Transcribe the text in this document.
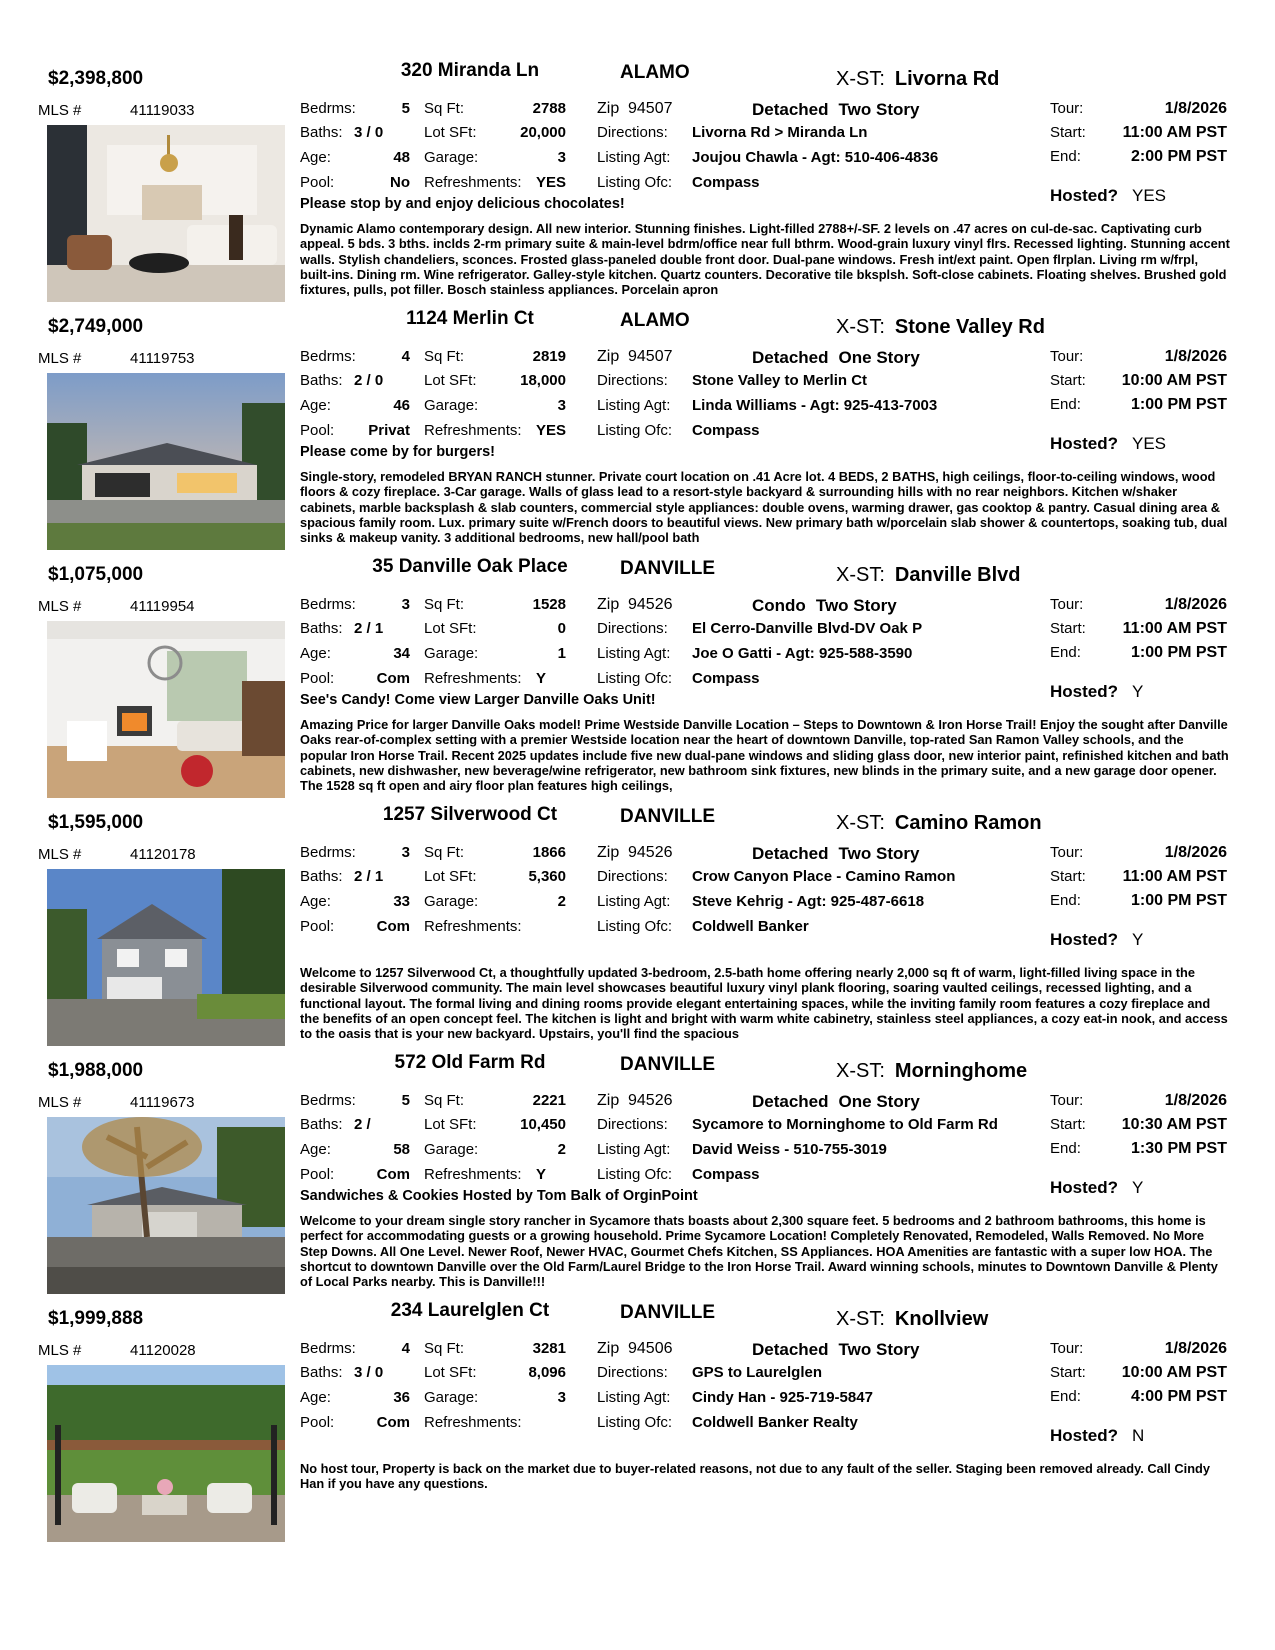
$2,398,800	320 Miranda Ln	ALAMO	X-ST: Livorna Rd
MLS #	41119033	Bedrms:	5
Baths: 3 / 0
Age:	48
Pool:	No
Sq Ft:	2788
Lot SFt:	20,000
Garage:	3
Refreshments: YES
Zip 94507	Detached Two Story
Directions: Livorna Rd > Miranda Ln
Listing Agt: Joujou Chawla - Agt: 510-406-4836
Listing Ofc: Compass
Tour:	1/8/2026
Start:	11:00 AM PST
End:	2:00 PM PST
Hosted? YES
Please stop by and enjoy delicious chocolates!
Dynamic Alamo contemporary design. All new interior. Stunning finishes. Light-filled 2788+/-SF. 2 levels on .47 acres on cul-de-sac. Captivating curb appeal. 5 bds. 3 bths. inclds 2-rm primary suite & main-level bdrm/office near full bthrm. Wood-grain luxury vinyl flrs. Recessed lighting. Stunning accent walls. Stylish chandeliers, sconces. Frosted glass-paneled double front door. Dual-pane windows. Fresh int/ext paint. Open flrplan. Living rm w/frpl, built-ins. Dining rm. Wine refrigerator. Galley-style kitchen. Quartz counters. Decorative tile bksplsh. Soft-close cabinets. Floating shelves. Brushed gold fixtures, pulls, pot filler. Bosch stainless appliances. Porcelain apron
$2,749,000	1124 Merlin Ct	ALAMO	X-ST: Stone Valley Rd
MLS #	41119753	Bedrms:	4
Baths: 2 / 0
Age:	46
Pool:	Privat
Sq Ft:	2819
Lot SFt:	18,000
Garage:	3
Refreshments: YES
Zip 94507	Detached One Story
Directions: Stone Valley to Merlin Ct
Listing Agt: Linda Williams - Agt: 925-413-7003
Listing Ofc: Compass
Tour:	1/8/2026
Start:	10:00 AM PST
End:	1:00 PM PST
Hosted? YES
Please come by for burgers!
Single-story, remodeled BRYAN RANCH stunner. Private court location on .41 Acre lot. 4 BEDS, 2 BATHS, high ceilings, floor-to-ceiling windows, wood floors & cozy fireplace. 3-Car garage. Walls of glass lead to a resort-style backyard & surrounding hills with no rear neighbors. Kitchen w/shaker cabinets, marble backsplash & slab counters, commercial style appliances: double ovens, warming drawer, gas cooktop & pantry. Casual dining area & spacious family room. Lux. primary suite w/French doors to beautiful views. New primary bath w/porcelain slab shower & countertops, soaking tub, dual sinks & makeup vanity. 3 additional bedrooms, new hall/pool bath
$1,075,000	35 Danville Oak Place	DANVILLE	X-ST: Danville Blvd
MLS #	41119954	Bedrms:	3
Baths: 2 / 1
Age:	34
Pool:	Com
Sq Ft:	1528
Lot SFt:	0
Garage:	1
Refreshments: Y
Zip 94526	Condo Two Story
Directions: El Cerro-Danville Blvd-DV Oak P
Listing Agt: Joe O Gatti - Agt: 925-588-3590
Listing Ofc: Compass
Tour:	1/8/2026
Start:	11:00 AM PST
End:	1:00 PM PST
Hosted? Y
See's Candy! Come view Larger Danville Oaks Unit!
Amazing Price for larger Danville Oaks model! Prime Westside Danville Location – Steps to Downtown & Iron Horse Trail! Enjoy the sought after Danville Oaks rear-of-complex setting with a premier Westside location near the heart of downtown Danville, top-rated San Ramon Valley schools, and the popular Iron Horse Trail. Recent 2025 updates include five new dual-pane windows and sliding glass door, new interior paint, refinished kitchen and bath cabinets, new dishwasher, new beverage/wine refrigerator, new bathroom sink fixtures, new blinds in the primary suite, and a new garage door opener. The 1528 sq ft open and airy floor plan features high ceilings,
$1,595,000	1257 Silverwood Ct	DANVILLE	X-ST: Camino Ramon
MLS #	41120178	Bedrms:	3
Baths: 2 / 1
Age:	33
Pool:	Com
Sq Ft:	1866
Lot SFt:	5,360
Garage:	2
Refreshments:
Zip 94526	Detached Two Story
Directions: Crow Canyon Place - Camino Ramon
Listing Agt: Steve Kehrig - Agt: 925-487-6618
Listing Ofc: Coldwell Banker
Tour:	1/8/2026
Start:	11:00 AM PST
End:	1:00 PM PST
Hosted? Y
Welcome to 1257 Silverwood Ct, a thoughtfully updated 3-bedroom, 2.5-bath home offering nearly 2,000 sq ft of warm, light-filled living space in the desirable Silverwood community. The main level showcases beautiful luxury vinyl plank flooring, soaring vaulted ceilings, recessed lighting, and a functional layout. The formal living and dining rooms provide elegant entertaining spaces, while the inviting family room features a cozy fireplace and the benefits of an open concept feel. The kitchen is light and bright with warm white cabinetry, stainless steel appliances, a cozy eat-in nook, and access to the oasis that is your new backyard. Upstairs, you'll find the spacious
$1,988,000	572 Old Farm Rd	DANVILLE	X-ST: Morninghome
MLS #	41119673	Bedrms:	5
Baths: 2 /
Age:	58
Pool:	Com
Sq Ft:	2221
Lot SFt:	10,450
Garage:	2
Refreshments: Y
Zip 94526	Detached One Story
Directions: Sycamore to Morninghome to Old Farm Rd
Listing Agt: David Weiss - 510-755-3019
Listing Ofc: Compass
Tour:	1/8/2026
Start:	10:30 AM PST
End:	1:30 PM PST
Hosted? Y
Sandwiches & Cookies Hosted by Tom Balk of OrginPoint
Welcome to your dream single story rancher in Sycamore thats boasts about 2,300 square feet. 5 bedrooms and 2 bathroom bathrooms, this home is perfect for accommodating guests or a growing household. Prime Sycamore Location! Completely Renovated, Remodeled, Walls Removed. No More Step Downs. All One Level. Newer Roof, Newer HVAC, Gourmet Chefs Kitchen, SS Appliances. HOA Amenities are fantastic with a super low HOA. The shortcut to downtown Danville over the Old Farm/Laurel Bridge to the Iron Horse Trail. Award winning schools, minutes to Downtown Danville & Plenty of Local Parks nearby. This is Danville!!!
$1,999,888	234 Laurelglen Ct	DANVILLE	X-ST: Knollview
MLS #	41120028	Bedrms:	4
Baths: 3 / 0
Age:	36
Pool:	Com
Sq Ft:	3281
Lot SFt:	8,096
Garage:	3
Refreshments:
Zip 94506	Detached Two Story
Directions: GPS to Laurelglen
Listing Agt: Cindy Han - 925-719-5847
Listing Ofc: Coldwell Banker Realty
Tour:	1/8/2026
Start:	10:00 AM PST
End:	4:00 PM PST
Hosted? N
No host tour, Property is back on the market due to buyer-related reasons, not due to any fault of the seller. Staging been removed already. Call Cindy Han if you have any questions.
